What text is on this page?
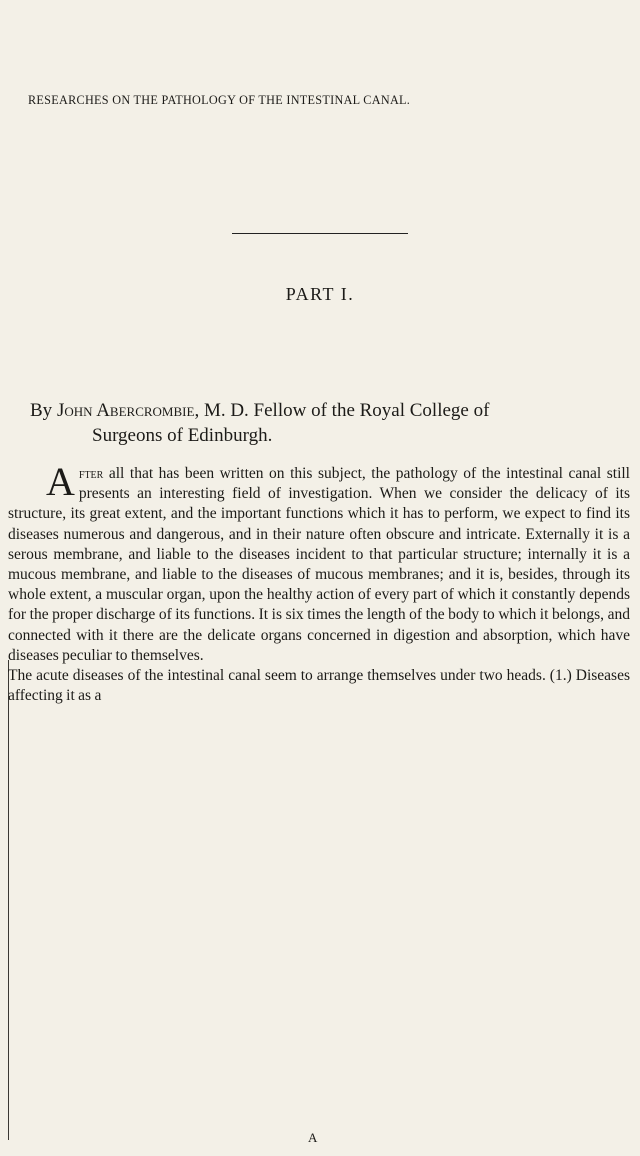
RESEARCHES ON THE PATHOLOGY OF THE INTESTINAL CANAL.
PART I.
By John Abercrombie, M. D. Fellow of the Royal College of
Surgeons of Edinburgh.

After all that has been written on this subject, the pathology of the intestinal canal still presents an interesting field of investigation. When we consider the delicacy of its structure, its great extent, and the important functions which it has to perform, we expect to find its diseases numerous and dangerous, and in their nature often obscure and intricate. Externally it is a serous membrane, and liable to the diseases incident to that particular structure; internally it is a mucous membrane, and liable to the diseases of mucous membranes; and it is, besides, through its whole extent, a muscular organ, upon the healthy action of every part of which it constantly depends for the proper discharge of its functions. It is six times the length of the body to which it belongs, and connected with it there are the delicate organs concerned in digestion and absorption, which have diseases peculiar to themselves.

The acute diseases of the intestinal canal seem to arrange themselves under two heads. (1.) Diseases affecting it as a

A
